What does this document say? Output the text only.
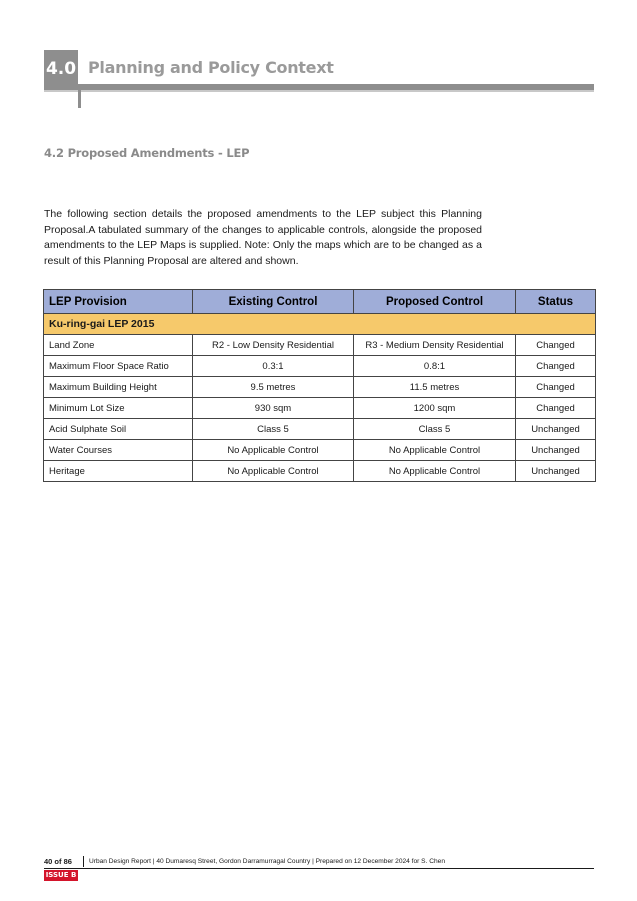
4.0 Planning and Policy Context
4.2 Proposed Amendments - LEP

The following section details the proposed amendments to the LEP subject this Planning Proposal.A tabulated summary of the changes to applicable controls, alongside the proposed amendments to the LEP Maps is supplied. Note: Only the maps which are to be changed as a result of this Planning Proposal are altered and shown.

LEP Provision	Existing Control	Proposed Control	Status
Ku-ring-gai LEP 2015			
Land Zone	R2 - Low Density Residential	R3 - Medium Density Residential	Changed
Maximum Floor Space Ratio	0.3:1	0.8:1	Changed
Maximum Building Height	9.5 metres	11.5 metres	Changed
Minimum Lot Size	930 sqm	1200 sqm	Changed
Acid Sulphate Soil	Class 5	Class 5	Unchanged
Water Courses	No Applicable Control	No Applicable Control	Unchanged
Heritage	No Applicable Control	No Applicable Control	Unchanged
40 of 86	Urban Design Report | 40 Dumaresq Street, Gordon Darramurragal Country | Prepared on 12 December 2024 for S. Chen
ISSUE B
